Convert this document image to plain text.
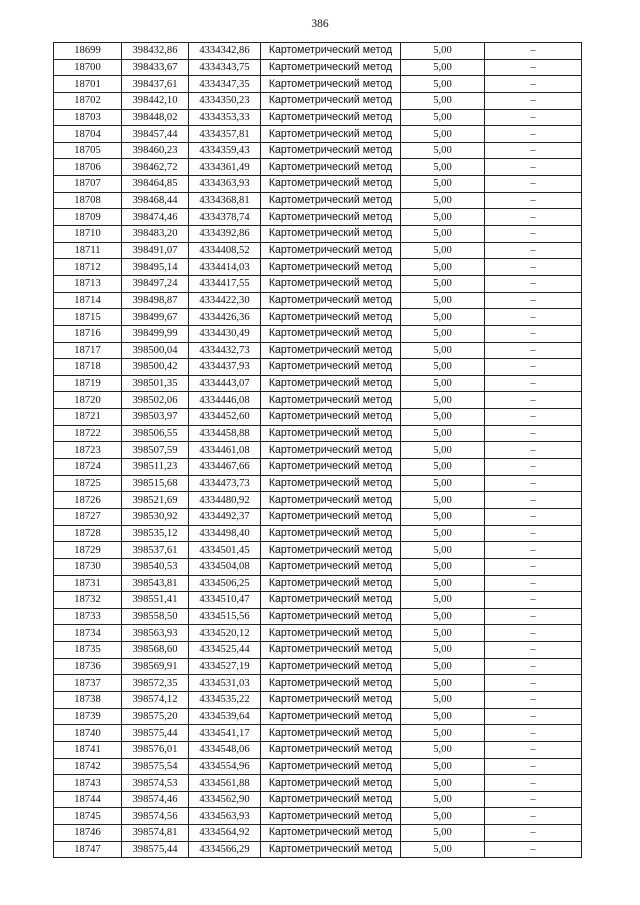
386
18699	398432,86	4334342,86	Картометрический метод	5,00	–
18700	398433,67	4334343,75	Картометрический метод	5,00	–
18701	398437,61	4334347,35	Картометрический метод	5,00	–
18702	398442,10	4334350,23	Картометрический метод	5,00	–
18703	398448,02	4334353,33	Картометрический метод	5,00	–
18704	398457,44	4334357,81	Картометрический метод	5,00	–
18705	398460,23	4334359,43	Картометрический метод	5,00	–
18706	398462,72	4334361,49	Картометрический метод	5,00	–
18707	398464,85	4334363,93	Картометрический метод	5,00	–
18708	398468,44	4334368,81	Картометрический метод	5,00	–
18709	398474,46	4334378,74	Картометрический метод	5,00	–
18710	398483,20	4334392,86	Картометрический метод	5,00	–
18711	398491,07	4334408,52	Картометрический метод	5,00	–
18712	398495,14	4334414,03	Картометрический метод	5,00	–
18713	398497,24	4334417,55	Картометрический метод	5,00	–
18714	398498,87	4334422,30	Картометрический метод	5,00	–
18715	398499,67	4334426,36	Картометрический метод	5,00	–
18716	398499,99	4334430,49	Картометрический метод	5,00	–
18717	398500,04	4334432,73	Картометрический метод	5,00	–
18718	398500,42	4334437,93	Картометрический метод	5,00	–
18719	398501,35	4334443,07	Картометрический метод	5,00	–
18720	398502,06	4334446,08	Картометрический метод	5,00	–
18721	398503,97	4334452,60	Картометрический метод	5,00	–
18722	398506,55	4334458,88	Картометрический метод	5,00	–
18723	398507,59	4334461,08	Картометрический метод	5,00	–
18724	398511,23	4334467,66	Картометрический метод	5,00	–
18725	398515,68	4334473,73	Картометрический метод	5,00	–
18726	398521,69	4334480,92	Картометрический метод	5,00	–
18727	398530,92	4334492,37	Картометрический метод	5,00	–
18728	398535,12	4334498,40	Картометрический метод	5,00	–
18729	398537,61	4334501,45	Картометрический метод	5,00	–
18730	398540,53	4334504,08	Картометрический метод	5,00	–
18731	398543,81	4334506,25	Картометрический метод	5,00	–
18732	398551,41	4334510,47	Картометрический метод	5,00	–
18733	398558,50	4334515,56	Картометрический метод	5,00	–
18734	398563,93	4334520,12	Картометрический метод	5,00	–
18735	398568,60	4334525,44	Картометрический метод	5,00	–
18736	398569,91	4334527,19	Картометрический метод	5,00	–
18737	398572,35	4334531,03	Картометрический метод	5,00	–
18738	398574,12	4334535,22	Картометрический метод	5,00	–
18739	398575,20	4334539,64	Картометрический метод	5,00	–
18740	398575,44	4334541,17	Картометрический метод	5,00	–
18741	398576,01	4334548,06	Картометрический метод	5,00	–
18742	398575,54	4334554,96	Картометрический метод	5,00	–
18743	398574,53	4334561,88	Картометрический метод	5,00	–
18744	398574,46	4334562,90	Картометрический метод	5,00	–
18745	398574,56	4334563,93	Картометрический метод	5,00	–
18746	398574,81	4334564,92	Картометрический метод	5,00	–
18747	398575,44	4334566,29	Картометрический метод	5,00	–
